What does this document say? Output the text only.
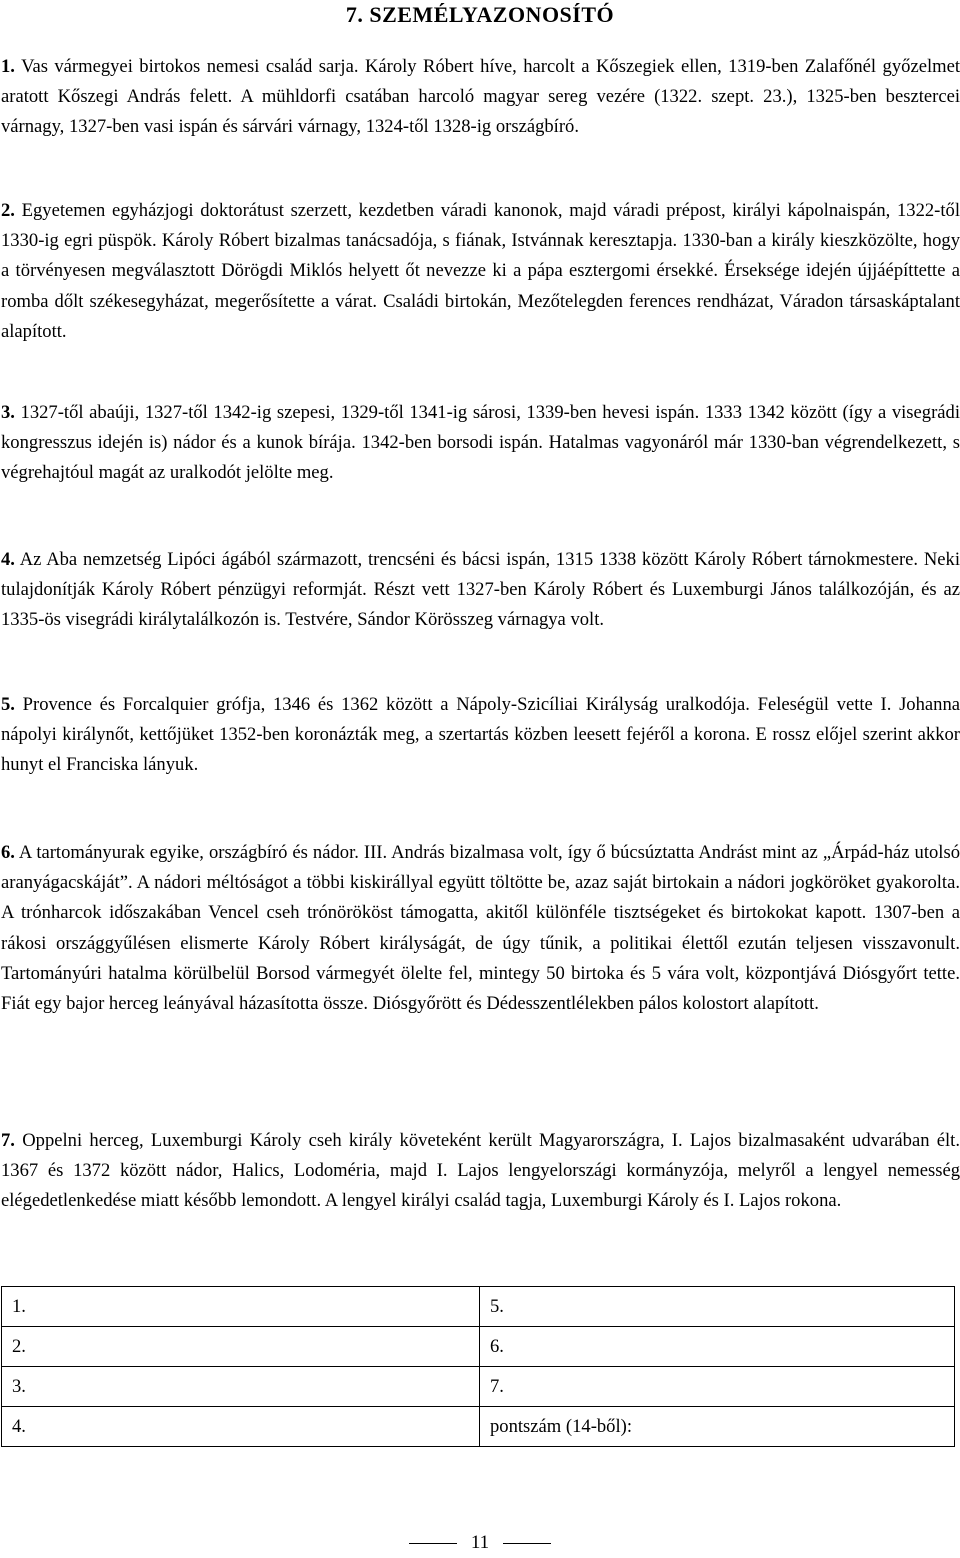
7. SZEMÉLYAZONOSÍTÓ
1. Vas vármegyei birtokos nemesi család sarja. Károly Róbert híve, harcolt a Kőszegiek ellen, 1319-ben Zalafőnél győzelmet aratott Kőszegi András felett. A mühldorfi csatában harcoló magyar sereg vezére (1322. szept. 23.), 1325-ben besztercei várnagy, 1327-ben vasi ispán és sárvári várnagy, 1324-től 1328-ig országbíró.
2. Egyetemen egyházjogi doktorátust szerzett, kezdetben váradi kanonok, majd váradi prépost, királyi kápolnaispán, 1322-től 1330-ig egri püspök. Károly Róbert bizalmas tanácsadója, s fiának, Istvánnak keresztapja. 1330-ban a király kieszközölte, hogy a törvényesen megválasztott Dörögdi Miklós helyett őt nevezze ki a pápa esztergomi érsekké. Érseksége idején újjáépíttette a romba dőlt székesegyházat, megerősítette a várat. Családi birtokán, Mezőtelegden ferences rendházat, Váradon társaskáptalant alapított.
3. 1327-től abaúji, 1327-től 1342-ig szepesi, 1329-től 1341-ig sárosi, 1339-ben hevesi ispán. 1333 1342 között (így a visegrádi kongresszus idején is) nádor és a kunok bírája. 1342-ben borsodi ispán. Hatalmas vagyonáról már 1330-ban végrendelkezett, s végrehajtóul magát az uralkodót jelölte meg.
4. Az Aba nemzetség Lipóci ágából származott, trencséni és bácsi ispán, 1315 1338 között Károly Róbert tárnokmestere. Neki tulajdonítják Károly Róbert pénzügyi reformját. Részt vett 1327-ben Károly Róbert és Luxemburgi János találkozóján, és az 1335-ös visegrádi királytalálkozón is. Testvére, Sándor Körösszeg várnagya volt.
5. Provence és Forcalquier grófja, 1346 és 1362 között a Nápoly-Szicíliai Királyság uralkodója. Feleségül vette I. Johanna nápolyi királynőt, kettőjüket 1352-ben koronázták meg, a szertartás közben leesett fejéről a korona. E rossz előjel szerint akkor hunyt el Franciska lányuk.
6. A tartományurak egyike, országbíró és nádor. III. András bizalmasa volt, így ő búcsúztatta Andrást mint az „Árpád-ház utolsó aranyágacskáját”. A nádori méltóságot a többi kiskirállyal együtt töltötte be, azaz saját birtokain a nádori jogköröket gyakorolta. A trónharcok időszakában Vencel cseh trónörököst támogatta, akitől különféle tisztségeket és birtokokat kapott. 1307-ben a rákosi országgyűlésen elismerte Károly Róbert királyságát, de úgy tűnik, a politikai élettől ezután teljesen visszavonult. Tartományúri hatalma körülbelül Borsod vármegyét ölelte fel, mintegy 50 birtoka és 5 vára volt, központjává Diósgyőrt tette. Fiát egy bajor herceg leányával házasította össze. Diósgyőrött és Dédesszentlélekben pálos kolostort alapított.
7. Oppelni herceg, Luxemburgi Károly cseh király követeként került Magyarországra, I. Lajos bizalmasaként udvarában élt. 1367 és 1372 között nádor, Halics, Lodoméria, majd I. Lajos lengyelországi kormányzója, melyről a lengyel nemesség elégedetlenkedése miatt később lemondott. A lengyel királyi család tagja, Luxemburgi Károly és I. Lajos rokona.
1.	5.
2.	6.
3.	7.
4.	pontszám (14-ből):
11
